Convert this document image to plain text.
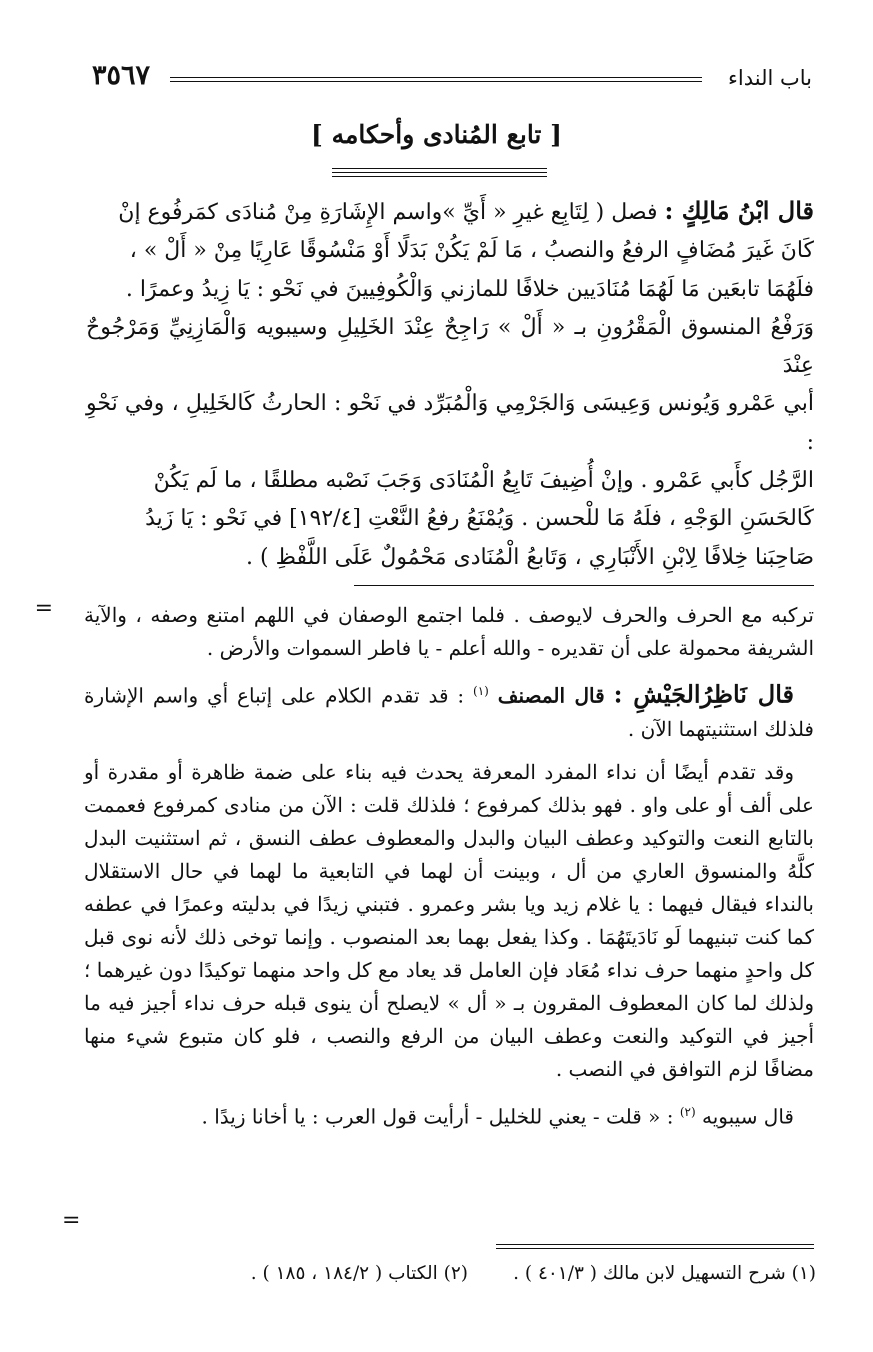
باب النداء
٣٥٦٧
[ تابع المُنادى وأحكامه ]

قال ابْنُ مَالِكٍ : فصل ( لِتَابِع غيرِ « أَيِّ »واسم الإِشَارَةِ مِنْ مُنادَى كمَرفُوع إنْ

كَانَ غَيرَ مُضَافٍ الرفعُ والنصبُ ، مَا لَمْ يَكُنْ بَدَلًا أَوْ مَنْسُوقًا عَارِيًا مِنْ « أَلْ » ،

فلَهُمَا تابعَين مَا لَهُمَا مُنَادَيين خلافًا للمازني وَالْكُوفِيينَ في نَحْو : يَا زِيدُ وعمرًا .

وَرَفْعُ المنسوق الْمَقْرُونِ بـ « أَلْ » رَاجِحٌ عِنْدَ الخَلِيلِ وسيبويه وَالْمَازِنِيِّ وَمَرْجُوحٌ عِنْدَ

أبي عَمْرو وَيُونس وَعِيسَى وَالجَرْمِي وَالْمُبَرِّد في نَحْو : الحارثُ كَالخَلِيلِ ، وفي نَحْوِ :

الرَّجُل كأَبي عَمْرو . وإنْ أُضِيفَ تَابِعُ الْمُنَادَى وَجَبَ نَصْبه مطلقًا ، ما لَم يَكُنْ

كَالحَسَنِ الوَجْهِ ، فلَهُ مَا للْحسن . وَيُمْنَعُ رفعُ النَّعْتِ [١٩٢/٤] في نَحْو : يَا زَيدُ

صَاحِبَنا خِلافًا لِابْنِ الأَنْبَارِي ، وَتَابعُ الْمُنَادى مَحْمُولٌ عَلَى اللَّفْظِ ) .

= تركبه مع الحرف والحرف لايوصف . فلما اجتمع الوصفان في اللهم امتنع وصفه ، والآية الشريفة محمولة على أن تقديره - والله أعلم - يا فاطر السموات والأرض .

قال نَاظِرُالجَيْشِ : قال المصنف $^{(١)}$ : قد تقدم الكلام على إتباع أي واسم الإشارة فلذلك استثنيتهما الآن .

وقد تقدم أيضًا أن نداء المفرد المعرفة يحدث فيه بناء على ضمة ظاهرة أو مقدرة أو على ألف أو على واو . فهو بذلك كمرفوع ؛ فلذلك قلت : الآن من منادى كمرفوع فعممت بالتابع النعت والتوكيد وعطف البيان والبدل والمعطوف عطف النسق ، ثم استثنيت البدل كلَّهُ والمنسوق العاري من أل ، وبينت أن لهما في التابعية ما لهما في حال الاستقلال بالنداء فيقال فيهما : يا غلام زيد ويا بشر وعمرو . فتبني زيدًا في بدليته وعمرًا في عطفه كما كنت تبنيهما لَو نَادَيتَهُمَا . وكذا يفعل بهما بعد المنصوب . وإنما توخى ذلك لأنه نوى قبل كل واحدٍ منهما حرف نداء مُعَاد فإن العامل قد يعاد مع كل واحد منهما توكيدًا دون غيرهما ؛ ولذلك لما كان المعطوف المقرون بـ « أل » لايصلح أن ينوى قبله حرف نداء أجيز فيه ما أجيز في التوكيد والنعت وعطف البيان من الرفع والنصب ، فلو كان متبوع شيء منها مضافًا لزم التوافق في النصب .

قال سيبويه $^{(٢)}$ : « قلت - يعني للخليل - أرأيت قول العرب : يا أخانا زيدًا .

=
(١) شرح التسهيل لابن مالك ( ٤٠١/٣ ) .
(٢) الكتاب ( ١٨٤/٢ ، ١٨٥ ) .
